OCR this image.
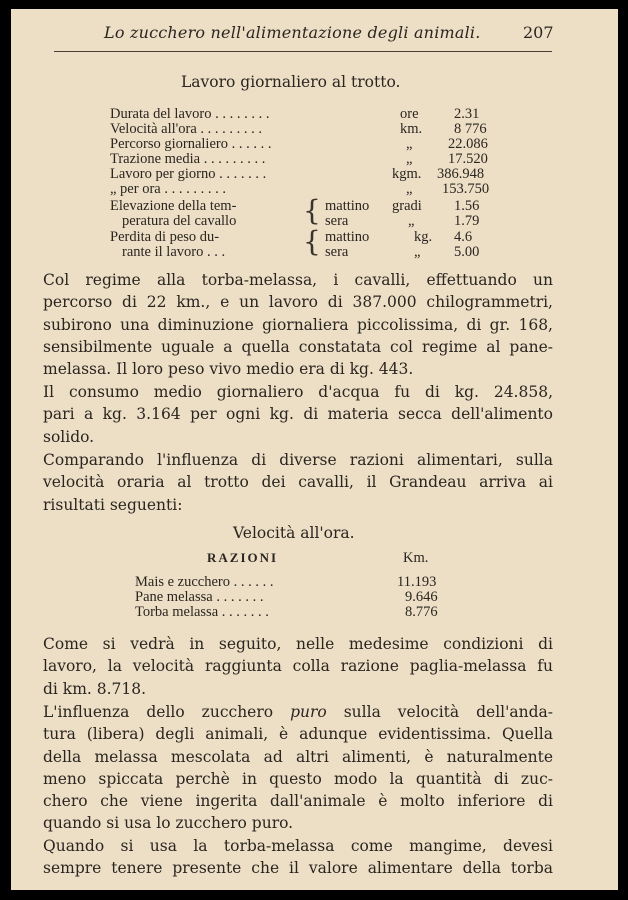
Lo zucchero nell'alimentazione degli animali.	207
Lavoro giornaliero al trotto.
Durata del lavoro . . . . . . . .	ore 2.31
Velocità all'ora . . . . . . . . .	km. 8 776
Percorso giornaliero . . . . . .	„ 22.086
Trazione media . . . . . . . . .	„ 17.520
Lavoro per giorno . . . . . . .	kgm. 386.948
„ per ora . . . . . . . . .	„ 153.750
Elevazione della tem-	mattino gradi 1.56
peratura del cavallo	sera	„	1.79
{
Perdita di peso du-	mattino	kg. 4.6
rante il lavoro . . .	sera	„ 5.00
{
Col regime alla torba-melassa, i cavalli, effettuando un
percorso di 22 km., e un lavoro di 387.000 chilogrammetri,
subirono una diminuzione giornaliera piccolissima, di gr. 168,
sensibilmente uguale a quella constatata col regime al pane-
melassa. Il loro peso vivo medio era di kg. 443.
Il consumo medio giornaliero d'acqua fu di kg. 24.858,
pari a kg. 3.164 per ogni kg. di materia secca dell'alimento
solido.
Comparando l'influenza di diverse razioni alimentari, sulla
velocità oraria al trotto dei cavalli, il Grandeau arriva ai
risultati seguenti:
Velocità all'ora.
RAZIONI	Km.
Mais e zucchero . . . . . .	11.193
Pane melassa . . . . . . .	9.646
Torba melassa . . . . . . .	8.776
Come si vedrà in seguito, nelle medesime condizioni di
lavoro, la velocità raggiunta colla razione paglia-melassa fu
di km. 8.718.
L'influenza dello zucchero puro sulla velocità dell'anda-
tura (libera) degli animali, è adunque evidentissima. Quella
della melassa mescolata ad altri alimenti, è naturalmente
meno spiccata perchè in questo modo la quantità di zuc-
chero che viene ingerita dall'animale è molto inferiore di
quando si usa lo zucchero puro.
Quando si usa la torba-melassa come mangime, devesi
sempre tenere presente che il valore alimentare della torba
